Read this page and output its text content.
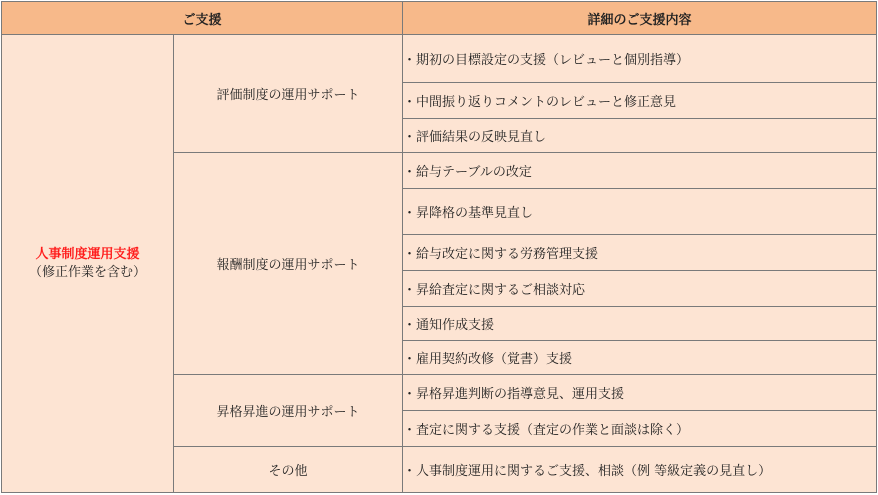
ご支援		詳細のご支援内容

人事制度運用支援
（修正作業を含む）	評価制度の運用サポート	・期初の目標設定の支援（レビューと個別指導）
		・中間振り返りコメントのレビューと修正意見
		・評価結果の反映見直し
	報酬制度の運用サポート	・給与テーブルの改定
		・昇降格の基準見直し
		・給与改定に関する労務管理支援
		・昇給査定に関するご相談対応
		・通知作成支援
		・雇用契約改修（覚書）支援
	昇格昇進の運用サポート	・昇格昇進判断の指導意見、運用支援
		・査定に関する支援（査定の作業と面談は除く）
	その他	・人事制度運用に関するご支援、相談（例 等級定義の見直し）
